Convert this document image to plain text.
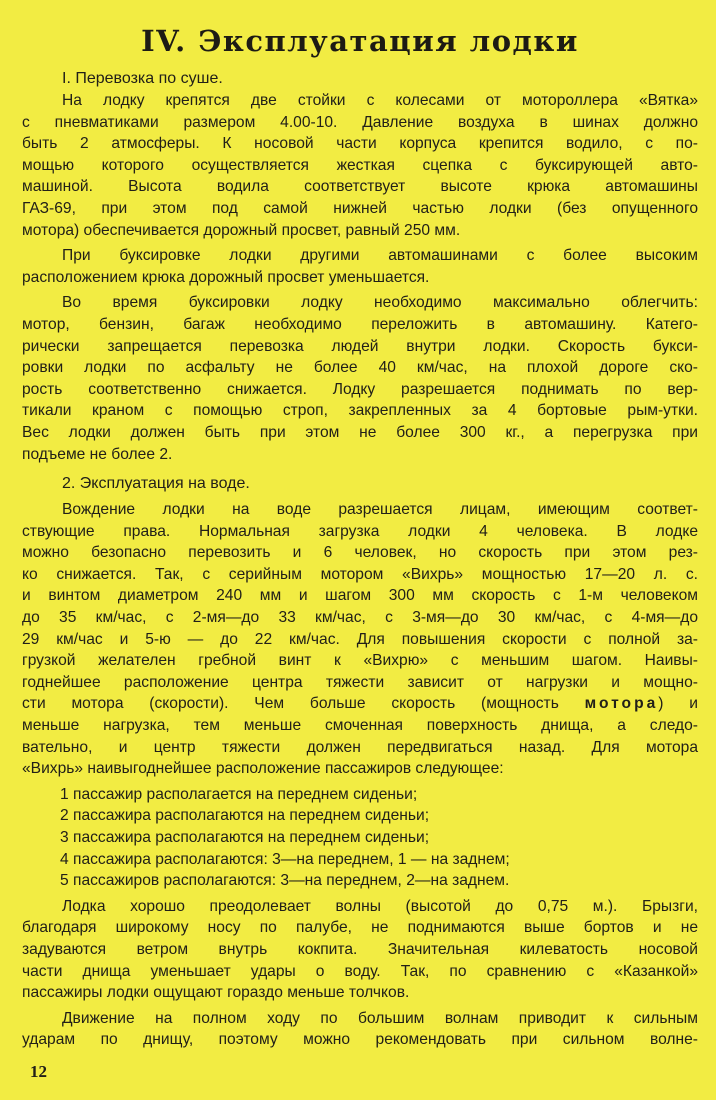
IV. Эксплуатация лодки
I. Перевозка по суше.

На лодку крепятся две стойки с колесами от мотороллера «Вятка»
с пневматиками размером 4.00-10. Давление воздуха в шинах должно
быть 2 атмосферы. К носовой части корпуса крепится водило, с по-
мощью которого осуществляется жесткая сцепка с буксирующей авто-
машиной. Высота водила соответствует высоте крюка автомашины
ГАЗ-69, при этом под самой нижней частью лодки (без опущенного
мотора) обеспечивается дорожный просвет, равный 250 мм.

При буксировке лодки другими автомашинами с более высоким
расположением крюка дорожный просвет уменьшается.

Во время буксировки лодку необходимо максимально облегчить:
мотор, бензин, багаж необходимо переложить в автомашину. Катего-
рически запрещается перевозка людей внутри лодки. Скорость букси-
ровки лодки по асфальту не более 40 км/час, на плохой дороге ско-
рость соответственно снижается. Лодку разрешается поднимать по вер-
тикали краном с помощью строп, закрепленных за 4 бортовые рым-утки.
Вес лодки должен быть при этом не более 300 кг., а перегрузка при
подъеме не более 2.

2. Эксплуатация на воде.

Вождение лодки на воде разрешается лицам, имеющим соответ-
ствующие права. Нормальная загрузка лодки 4 человека. В лодке
можно безопасно перевозить и 6 человек, но скорость при этом рез-
ко снижается. Так, с серийным мотором «Вихрь» мощностью 17—20 л. с.
и винтом диаметром 240 мм и шагом 300 мм скорость с 1-м человеком
до 35 км/час, с 2-мя—до 33 км/час, с 3-мя—до 30 км/час, с 4-мя—до
29 км/час и 5-ю — до 22 км/час. Для повышения скорости с полной за-
грузкой желателен гребной винт к «Вихрю» с меньшим шагом. Наивы-
годнейшее расположение центра тяжести зависит от нагрузки и мощно-
сти мотора (скорости). Чем больше скорость (мощность мотора) и
меньше нагрузка, тем меньше смоченная поверхность днища, а следо-
вательно, и центр тяжести должен передвигаться назад. Для мотора
«Вихрь» наивыгоднейшее расположение пассажиров следующее:

1 пассажир располагается на переднем сиденьи;
2 пассажира располагаются на переднем сиденьи;
3 пассажира располагаются на переднем сиденьи;
4 пассажира располагаются: 3—на переднем, 1 — на заднем;
5 пассажиров располагаются: 3—на переднем, 2—на заднем.

Лодка хорошо преодолевает волны (высотой до 0,75 м.). Брызги,
благодаря широкому носу по палубе, не поднимаются выше бортов и не
задуваются ветром внутрь кокпита. Значительная килеватость носовой
части днища уменьшает удары о воду. Так, по сравнению с «Казанкой»
пассажиры лодки ощущают гораздо меньше толчков.

Движение на полном ходу по большим волнам приводит к сильным
ударам по днищу, поэтому можно рекомендовать при сильном волне-

12
